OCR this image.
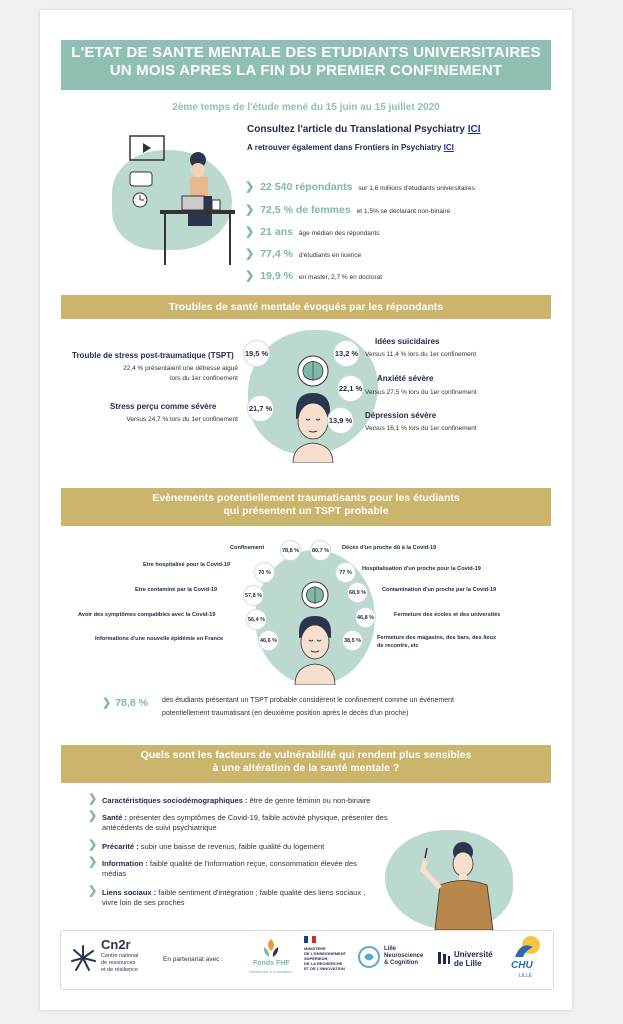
L'ETAT DE SANTE MENTALE DES ETUDIANTS UNIVERSITAIRES
UN MOIS APRES LA FIN DU PREMIER CONFINEMENT
2ème temps de l'étude mené du 15 juin au 15 juillet 2020
Consultez l'article du Translational Psychiatry ICI
A retrouver également dans Frontiers in Psychiatry ICI
❯ 22 540 répondants sur 1,6 millions d'étudiants universitaires
❯ 72,5 % de femmes et 1,5% se déclarant non-binaire
❯ 21 ans âge médian des répondants
❯ 77,4 % d'étudiants en licence
❯ 19,9 % en master, 2,7 % en doctorat
Troubles de santé mentale évoqués par les répondants
Trouble de stress post-traumatique (TSPT)
22,4 % présentaient une détresse aiguë
lors du 1er confinement
19,5 %
Stress perçu comme sévère
Versus 24,7 % lors du 1er confinement
21,7 %
13,2 %
Idées suicidaires
Versus 11,4 % lors du 1er confinement
22,1 %
Anxiété sévère
Versus 27,5 % lors du 1er confinement
13,9 %
Dépression sévère
Versus 16,1 % lors du 1er confinement
Evènements potentiellement traumatisants pour les étudiants
qui présentent un TSPT probable
Confinement	78,8 %
Etre hospitalisé pour la Covid-19
70 %
Etre contaminé par la Covid-19
57,8 %
Avoir des symptômes compatibles avec la Covid-19
56,4 %
Informations d'une nouvelle épidémie en France	46,6 %
80,7 %	Décès d'un proche dû à la Covid-19
77 %
Hospitalisation d'un proche pour la Covid-19
68,9 %	Contamination d'un proche par la Covid-19
46,8 %	Fermeture des écoles et des universités
38,5 %	Fermeture des magasins, des bars, des lieux
de recontre, etc
❯ 78,8 % des étudiants présentant un TSPT probable considèrent le confinement comme un événement
potentiellement traumatisant (en deuxième position après le décès d'un proche)
Quels sont les facteurs de vulnérabilité qui rendent plus sensibles
à une altération de la santé mentale ?
❯ Caractéristiques sociodémographiques : être de genre féminin ou non-binaire
❯ Santé : présenter des symptômes de Covid-19, faible activité physique, présenter des antécédents de suivi psychiatrique
❯ Précarité : subir une baisse de revenus, faible qualité du logement
❯ Information : faible qualité de l'information reçue, consommation élevée des médias
❯ Liens sociaux : faible sentiment d'intégration ; faible qualité des liens sociaux , vivre loin de ses proches
Cn2r
Centre national
de ressources
et de résilience
En partenariat avec :
Fonds FHF
Recherche & Innovation
MINISTÈRE
DE L'ENSEIGNEMENT
SUPÉRIEUR,
DE LA RECHERCHE
ET DE L'INNOVATION
Lille
Neuroscience
& Cognition
Université
de Lille	CHU
LILLE
